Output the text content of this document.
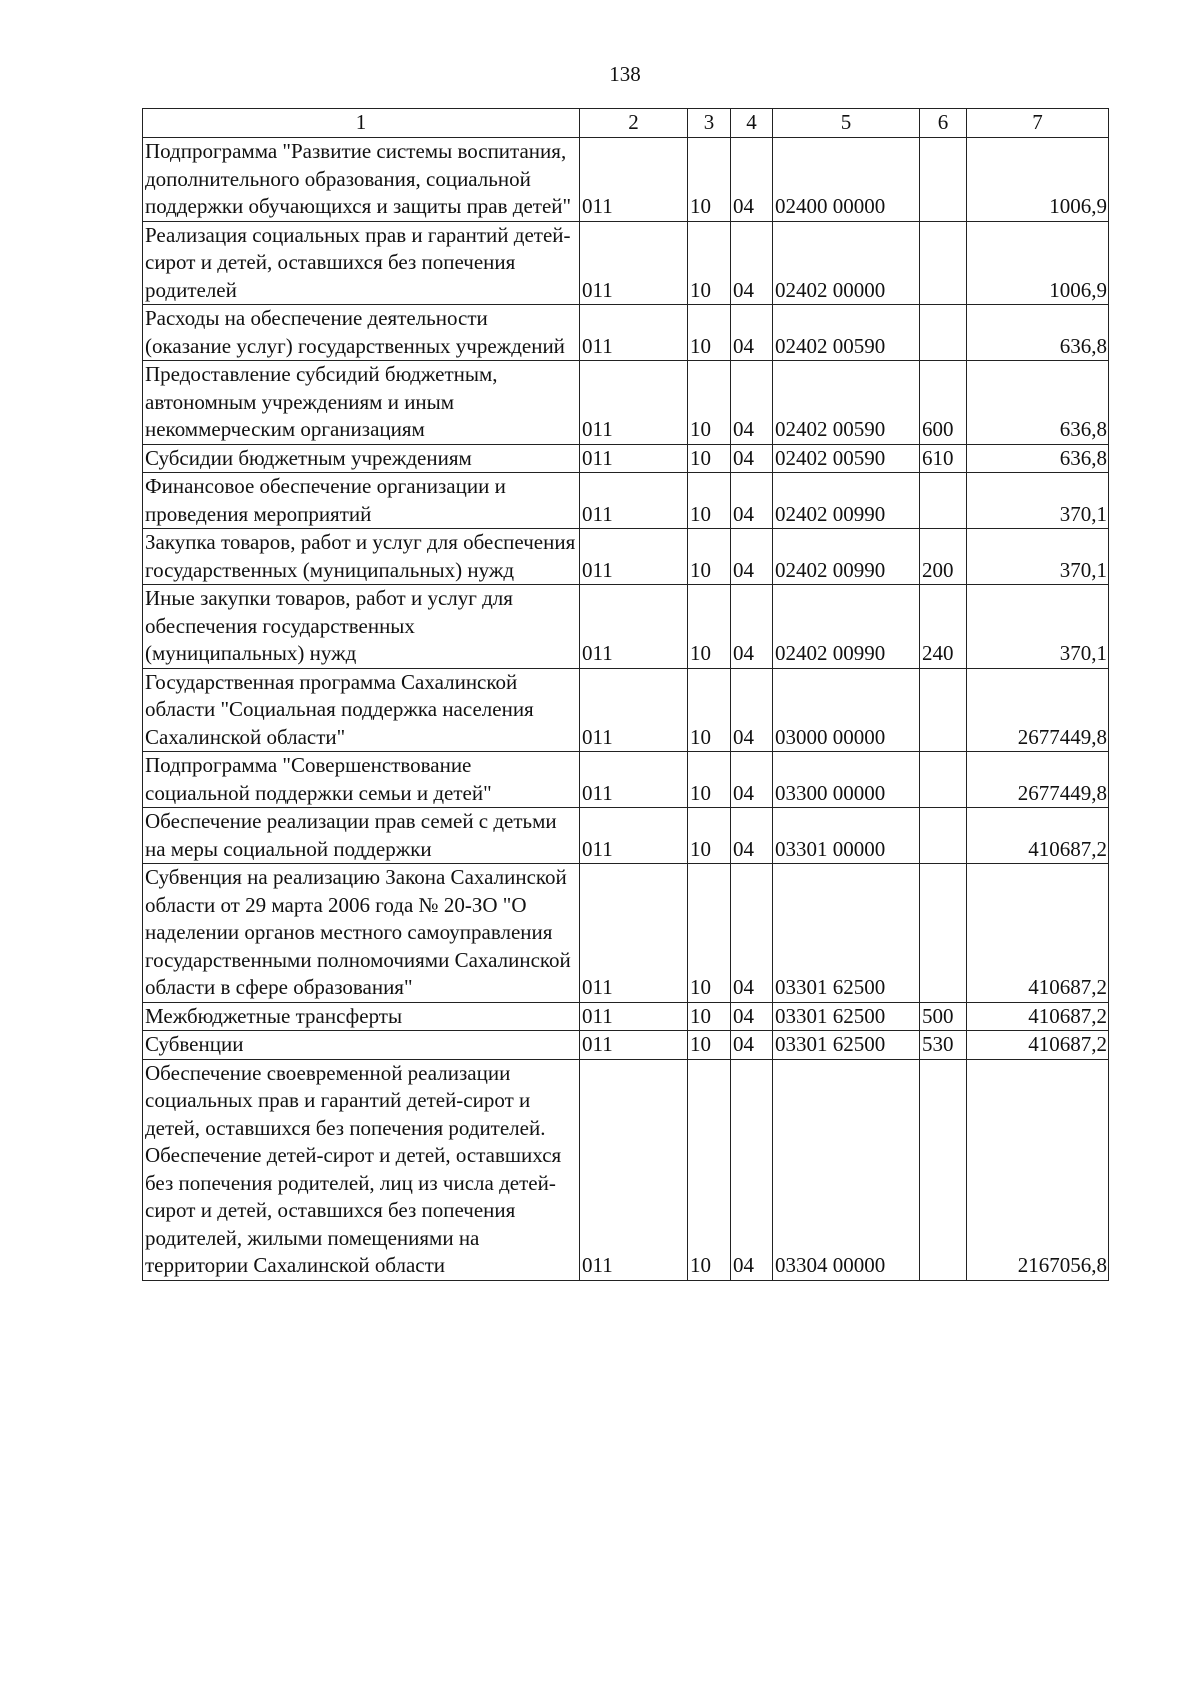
138
1	2	3	4	5	6	7
Подпрограмма "Развитие системы воспитания, дополнительного образования, социальной поддержки обучающихся и защиты прав детей"	011	10	04	02400 00000		1006,9
Реализация социальных прав и гарантий детей-сирот и детей, оставшихся без попечения родителей	011	10	04	02402 00000		1006,9
Расходы на обеспечение деятельности (оказание услуг) государственных учреждений	011	10	04	02402 00590		636,8
Предоставление субсидий бюджетным, автономным учреждениям и иным некоммерческим организациям	011	10	04	02402 00590	600	636,8
Субсидии бюджетным учреждениям	011	10	04	02402 00590	610	636,8
Финансовое обеспечение организации и проведения мероприятий	011	10	04	02402 00990		370,1
Закупка товаров, работ и услуг для обеспечения государственных (муниципальных) нужд	011	10	04	02402 00990	200	370,1
Иные закупки товаров, работ и услуг для обеспечения государственных (муниципальных) нужд	011	10	04	02402 00990	240	370,1
Государственная программа Сахалинской области "Социальная поддержка населения Сахалинской области"	011	10	04	03000 00000		2677449,8
Подпрограмма "Совершенствование социальной поддержки семьи и детей"	011	10	04	03300 00000		2677449,8
Обеспечение реализации прав семей с детьми на меры социальной поддержки	011	10	04	03301 00000		410687,2
Субвенция на реализацию Закона Сахалинской области от 29 марта 2006 года № 20-ЗО "О наделении органов местного самоуправления государственными полномочиями Сахалинской области в сфере образования"	011	10	04	03301 62500		410687,2
Межбюджетные трансферты	011	10	04	03301 62500	500	410687,2
Субвенции	011	10	04	03301 62500	530	410687,2
Обеспечение своевременной реализации социальных прав и гарантий детей-сирот и детей, оставшихся без попечения родителей. Обеспечение детей-сирот и детей, оставшихся без попечения родителей, лиц из числа детей-сирот и детей, оставшихся без попечения родителей, жилыми помещениями на территории Сахалинской области	011	10	04	03304 00000		2167056,8
